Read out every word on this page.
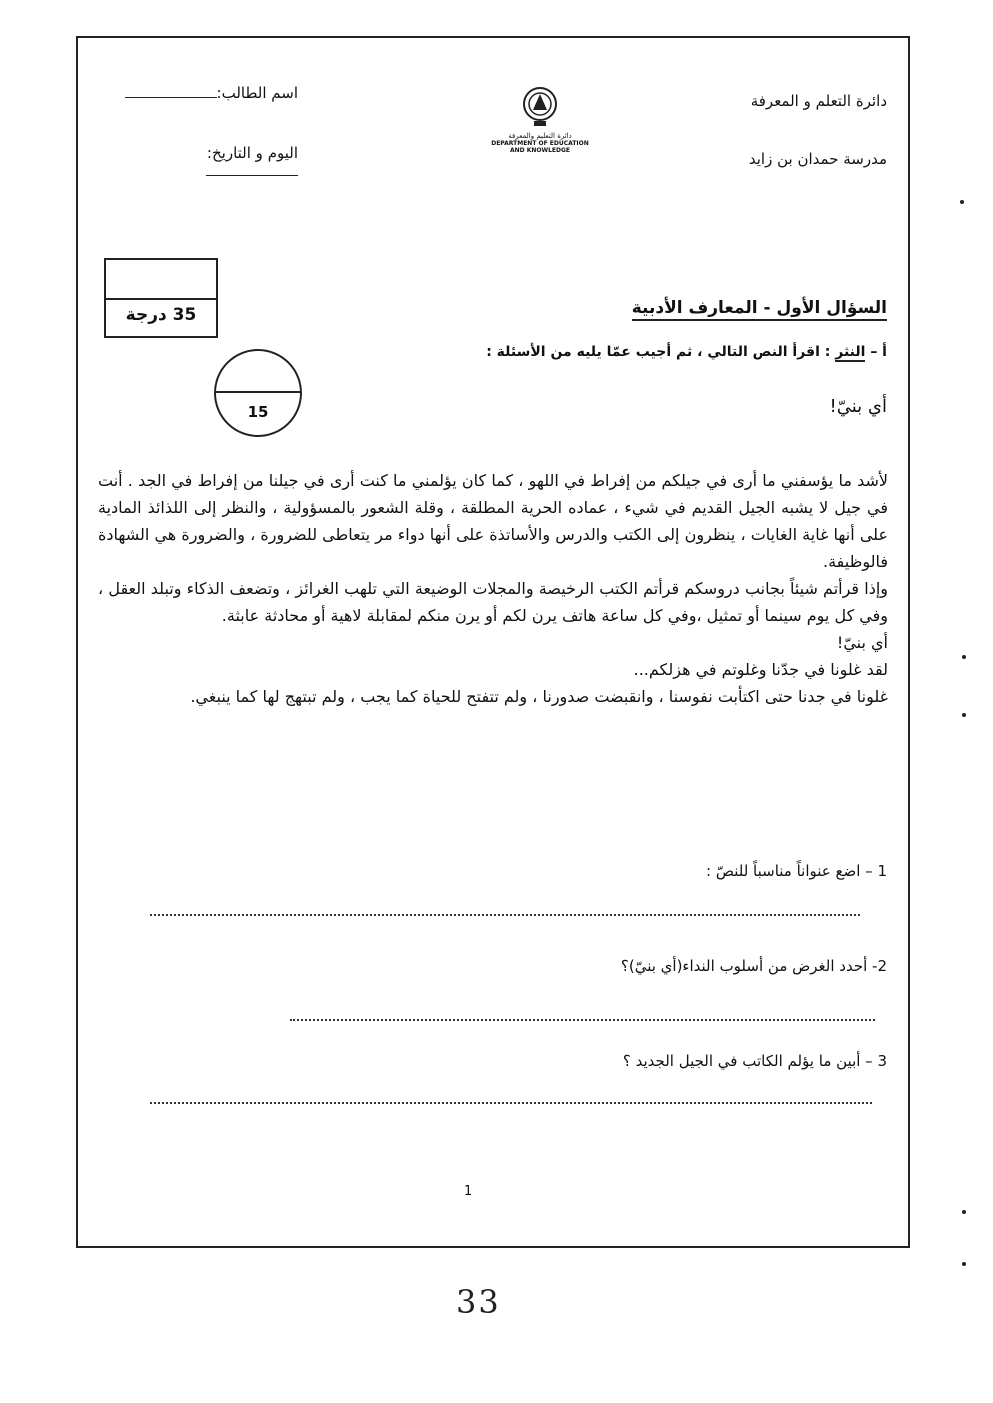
دائرة التعلم و المعرفة
مدرسة حمدان بن زايد
اسم الطالب:
اليوم و التاريخ:
دائرة التعليم والمعرفة
DEPARTMENT OF EDUCATION
AND KNOWLEDGE
35 درجة
15
السؤال الأول - المعارف الأدبية
أ – النثر : اقرأ النص التالي ، ثم أجيب عمّا يليه من الأسئلة :
أي بنيّ!

لأشد ما يؤسفني ما أرى في جيلكم من إفراط في اللهو ، كما كان يؤلمني ما كنت أرى في جيلنا من إفراط في الجد . أنت في جيل لا يشبه الجيل القديم في شيء ، عماده الحرية المطلقة ، وقلة الشعور بالمسؤولية ، والنظر إلى اللذائذ المادية على أنها غاية الغايات ، ينظرون إلى الكتب والدرس والأساتذة على أنها دواء مر يتعاطى للضرورة ، والضرورة هي الشهادة فالوظيفة.

وإذا قرأتم شيئاً بجانب دروسكم قرأتم الكتب الرخيصة والمجلات الوضيعة التي تلهب الغرائز ، وتضعف الذكاء وتبلد العقل ، وفي كل يوم سينما أو تمثيل ،وفي كل ساعة هاتف يرن لكم أو يرن منكم لمقابلة لاهية أو محادثة عابثة.

أي بنيّ!

لقد غلونا في جدّنا وغلوتم في هزلكم...

غلونا في جدنا حتى اكتأبت نفوسنا ، وانقبضت صدورنا ، ولم تتفتح للحياة كما يجب ، ولم تبتهج لها كما ينبغي.

1 – اضع عنواناً مناسباً للنصّ :
2- أحدد الغرض من أسلوب النداء(أي بنيّ)؟
3 – أبين ما يؤلم الكاتب في الجيل الجديد ؟
1
33
